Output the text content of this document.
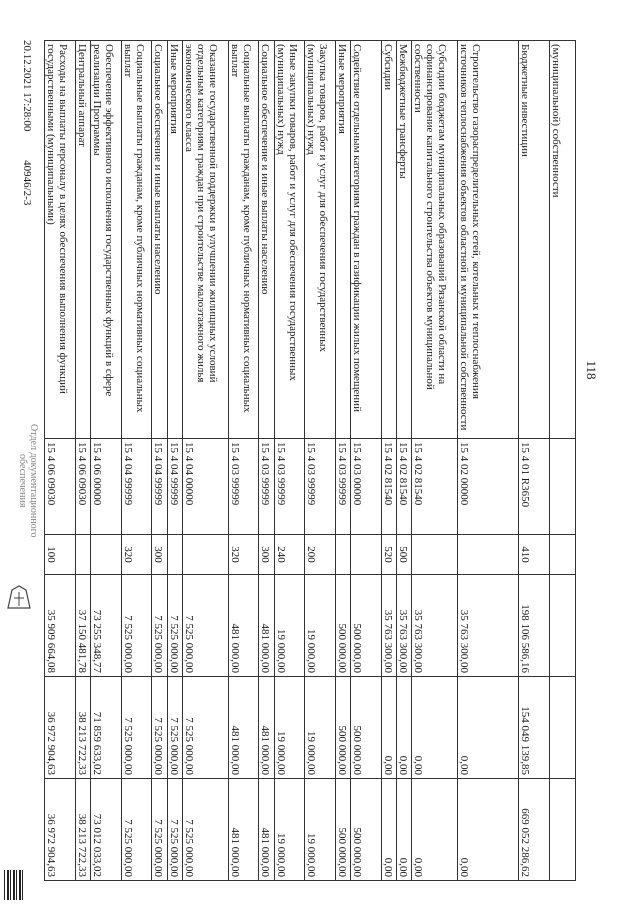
118
(муниципальной) собственности					
Бюджетные инвестиции	15 4 01 R3650	410	198 106 586,16	154 049 139,85	669 052 286,62
Строительство газораспределительных сетей, котельных и теплоснабжения источников теплоснабжения объектов областной и муниципальной собственности	15 4 02 00000		35 763 300,00	0,00	0,00
Субсидии бюджетам муниципальных образований Рязанской области на софинансирование капитального строительства объектов муниципальной собственности	15 4 02 81540		35 763 300,00	0,00	0,00
Межбюджетные трансферты	15 4 02 81540	500	35 763 300,00	0,00	0,00
Субсидии	15 4 02 81540	520	35 763 300,00	0,00	0,00
Содействие отдельным категориям граждан в газификации жилых помещений	15 4 03 00000		500 000,00	500 000,00	500 000,00
Иные мероприятия	15 4 03 99999		500 000,00	500 000,00	500 000,00
Закупка товаров, работ и услуг для обеспечения государственных (муниципальных) нужд	15 4 03 99999	200	19 000,00	19 000,00	19 000,00
Иные закупки товаров, работ и услуг для обеспечения государственных (муниципальных) нужд	15 4 03 99999	240	19 000,00	19 000,00	19 000,00
Социальное обеспечение и иные выплаты населению	15 4 03 99999	300	481 000,00	481 000,00	481 000,00
Социальные выплаты гражданам, кроме публичных нормативных социальных выплат	15 4 03 99999	320	481 000,00	481 000,00	481 000,00
Оказание государственной поддержки в улучшении жилищных условий отдельным категориям граждан при строительстве малоэтажного жилья экономического класса	15 4 04 00000		7 525 000,00	7 525 000,00	7 525 000,00
Иные мероприятия	15 4 04 99999		7 525 000,00	7 525 000,00	7 525 000,00
Социальное обеспечение и иные выплаты населению	15 4 04 99999	300	7 525 000,00	7 525 000,00	7 525 000,00
Социальные выплаты гражданам, кроме публичных нормативных социальных выплат	15 4 04 99999	320	7 525 000,00	7 525 000,00	7 525 000,00
Обеспечение эффективного исполнения государственных функций в сфере реализации Программы	15 4 06 00000		73 255 348,77	71 859 633,02	73 012 033,02
Центральный аппарат	15 4 06 09030		37 150 481,78	38 213 722,33	38 213 722,33
Расходы на выплаты персоналу в целях обеспечения выполнения функций государственными (муниципальными)	15 4 06 09030	100	35 909 664,08	36 972 904,63	36 972 904,63
20.12.2021 17:28:00 40946/2-3
Отдел документационного
обеспечения
